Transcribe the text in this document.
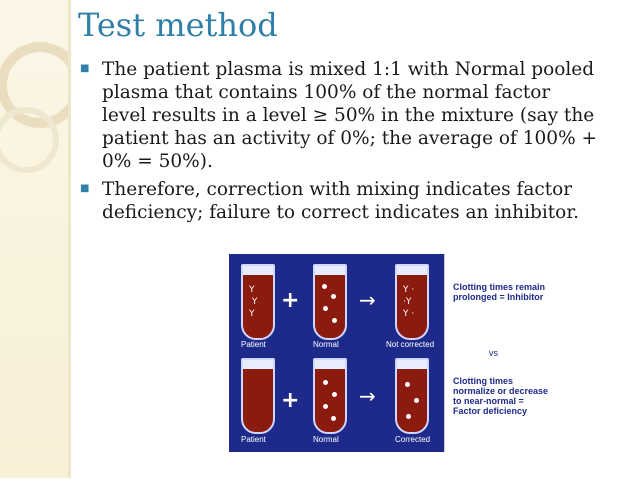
Test method
■
The patient plasma is mixed 1:1 with Normal pooled plasma that contains 100% of the normal factor level results in a level ≥ 50% in the mixture (say the patient has an activity of 0%; the average of 100% + 0% = 50%).
■
Therefore, correction with mixing indicates factor deficiency; failure to correct indicates an inhibitor.
Y
Y
Y
+	→	Y ·
·Y
Y ·
Patient	Normal	Not corrected
+	→
Patient	Normal	Corrected
Clotting times remain prolonged = Inhibitor
vs
Clotting times normalize or decrease to near-normal = Factor deficiency
